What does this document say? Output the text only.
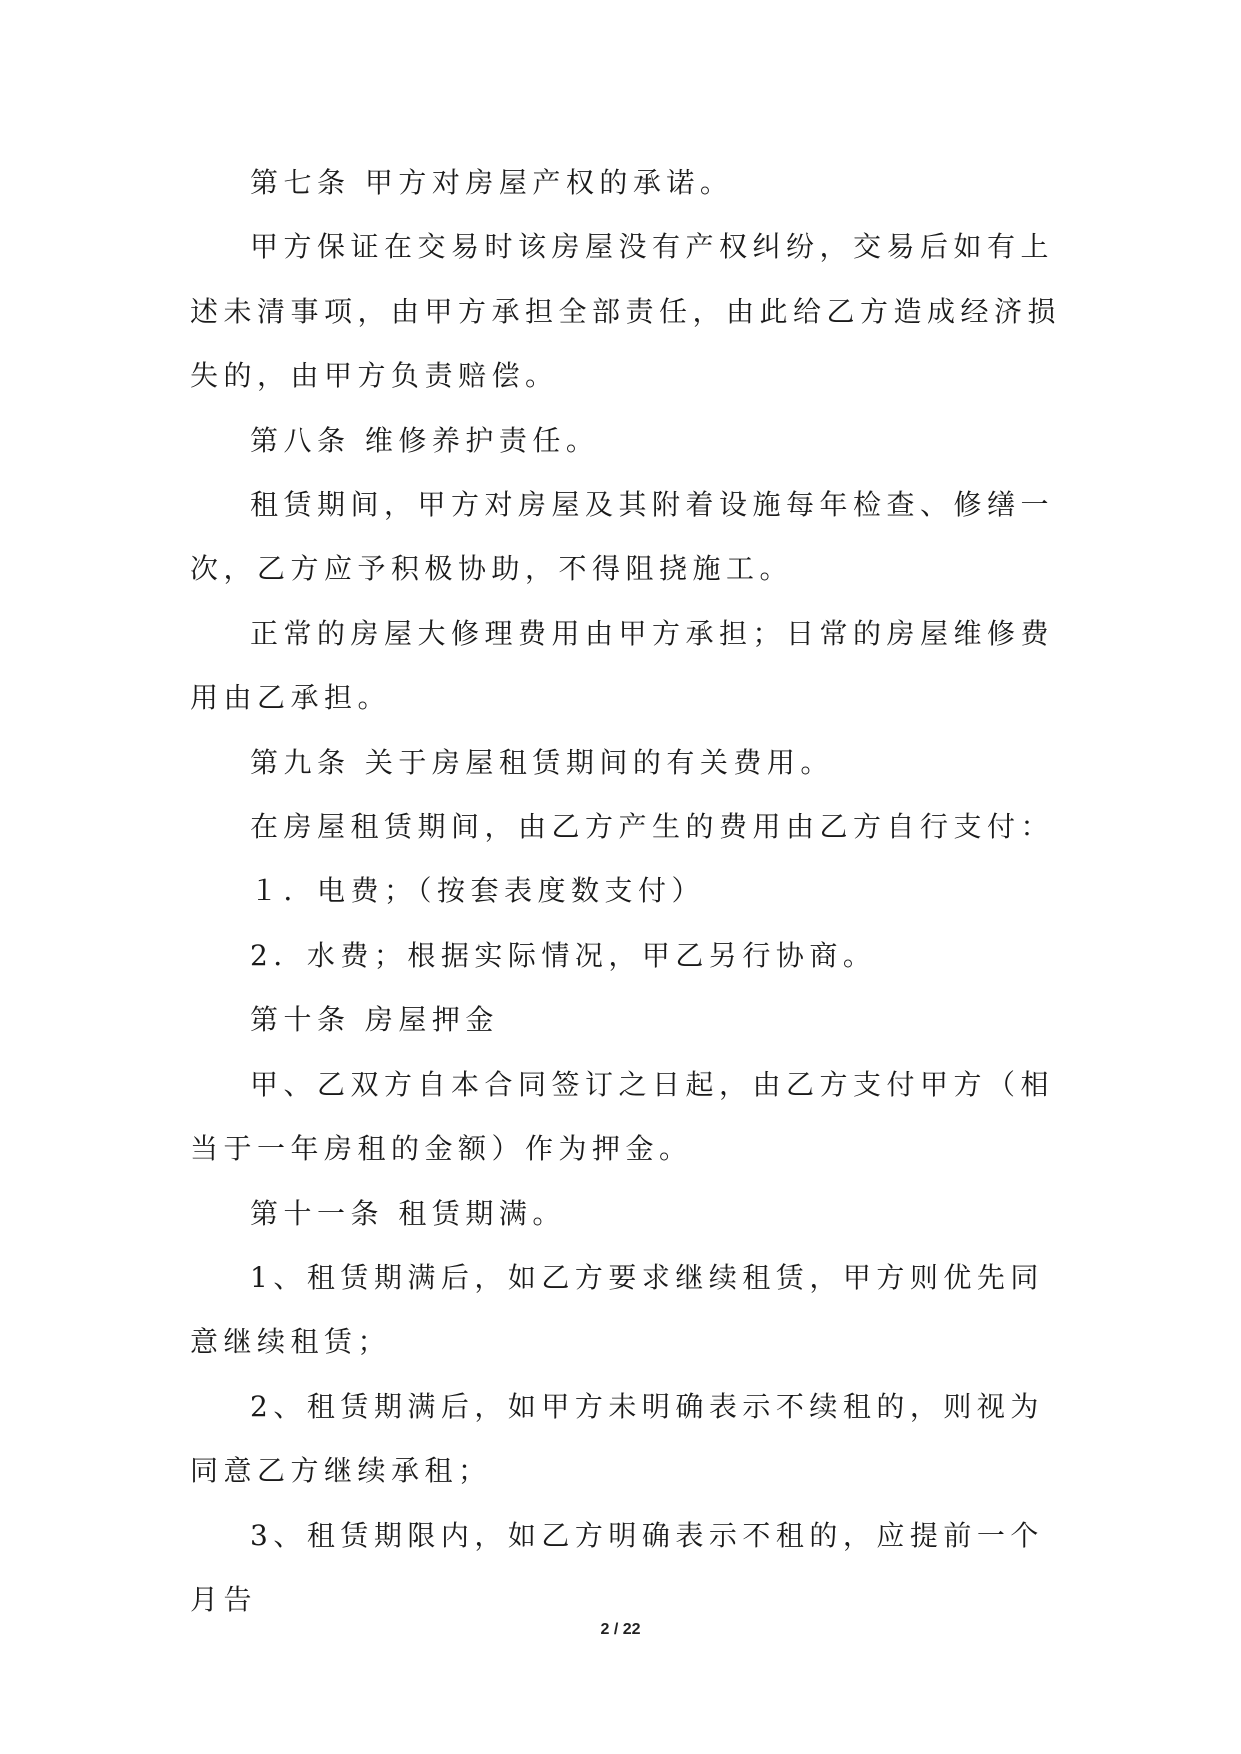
第七条 甲方对房屋产权的承诺。

甲方保证在交易时该房屋没有产权纠纷，交易后如有上述未清事项，由甲方承担全部责任，由此给乙方造成经济损失的，由甲方负责赔偿。

第八条 维修养护责任。

租赁期间，甲方对房屋及其附着设施每年检查、修缮一次，乙方应予积极协助，不得阻挠施工。

正常的房屋大修理费用由甲方承担；日常的房屋维修费用由乙承担。

第九条 关于房屋租赁期间的有关费用。

在房屋租赁期间，由乙方产生的费用由乙方自行支付：

１．电费；（按套表度数支付）

2．水费；根据实际情况，甲乙另行协商。

第十条 房屋押金

甲、乙双方自本合同签订之日起，由乙方支付甲方（相当于一年房租的金额）作为押金。

第十一条 租赁期满。

1、租赁期满后，如乙方要求继续租赁，甲方则优先同意继续租赁；

2、租赁期满后，如甲方未明确表示不续租的，则视为同意乙方继续承租；

3、租赁期限内，如乙方明确表示不租的，应提前一个月告

2 / 22
